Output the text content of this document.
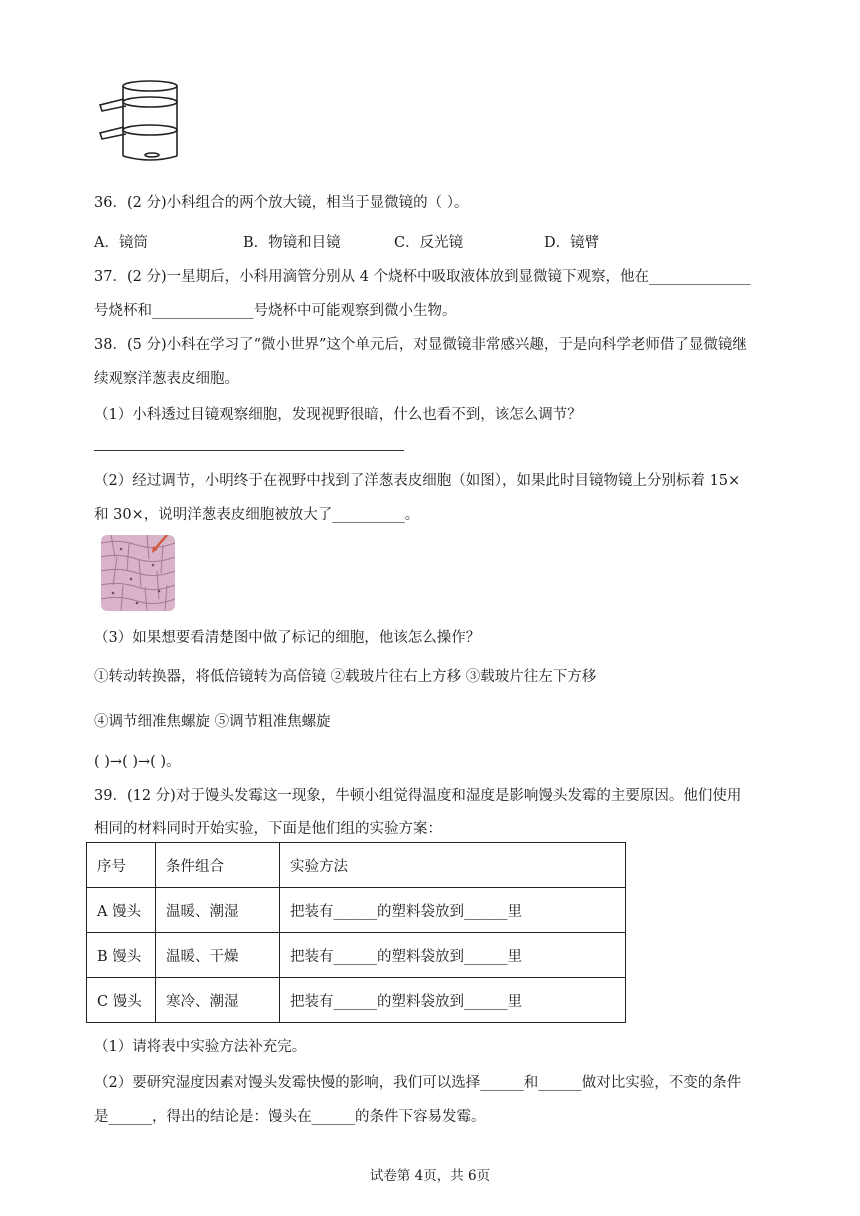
36．(2 分)小科组合的两个放大镜，相当于显微镜的（ ）。
A．镜筒	B．物镜和目镜	C．反光镜	D．镜臂
37．(2 分)一星期后，小科用滴管分别从 4 个烧杯中吸取液体放到显微镜下观察，他在______________
号烧杯和______________号烧杯中可能观察到微小生物。
38．(5 分)小科在学习了“微小世界”这个单元后，对显微镜非常感兴趣，于是向科学老师借了显微镜继
续观察洋葱表皮细胞。
（1）小科透过目镜观察细胞，发现视野很暗，什么也看不到，该怎么调节？
（2）经过调节，小明终于在视野中找到了洋葱表皮细胞（如图），如果此时目镜物镜上分别标着 15×
和 30×，说明洋葱表皮细胞被放大了__________。
（3）如果想要看清楚图中做了标记的细胞，他该怎么操作？
①转动转换器，将低倍镜转为高倍镜 ②载玻片往右上方移 ③载玻片往左下方移
④调节细准焦螺旋 ⑤调节粗准焦螺旋
( )→( )→( )。
39．(12 分)对于馒头发霉这一现象，牛顿小组觉得温度和湿度是影响馒头发霉的主要原因。他们使用
相同的材料同时开始实验，下面是他们组的实验方案：
序号	条件组合	实验方法
A 馒头	温暖、潮湿	把装有______的塑料袋放到______里
B 馒头	温暖、干燥	把装有______的塑料袋放到______里
C 馒头	寒冷、潮湿	把装有______的塑料袋放到______里
（1）请将表中实验方法补充完。
（2）要研究湿度因素对馒头发霉快慢的影响，我们可以选择______和______做对比实验，不变的条件
是______，得出的结论是：馒头在______的条件下容易发霉。
试卷第 4页，共 6页
